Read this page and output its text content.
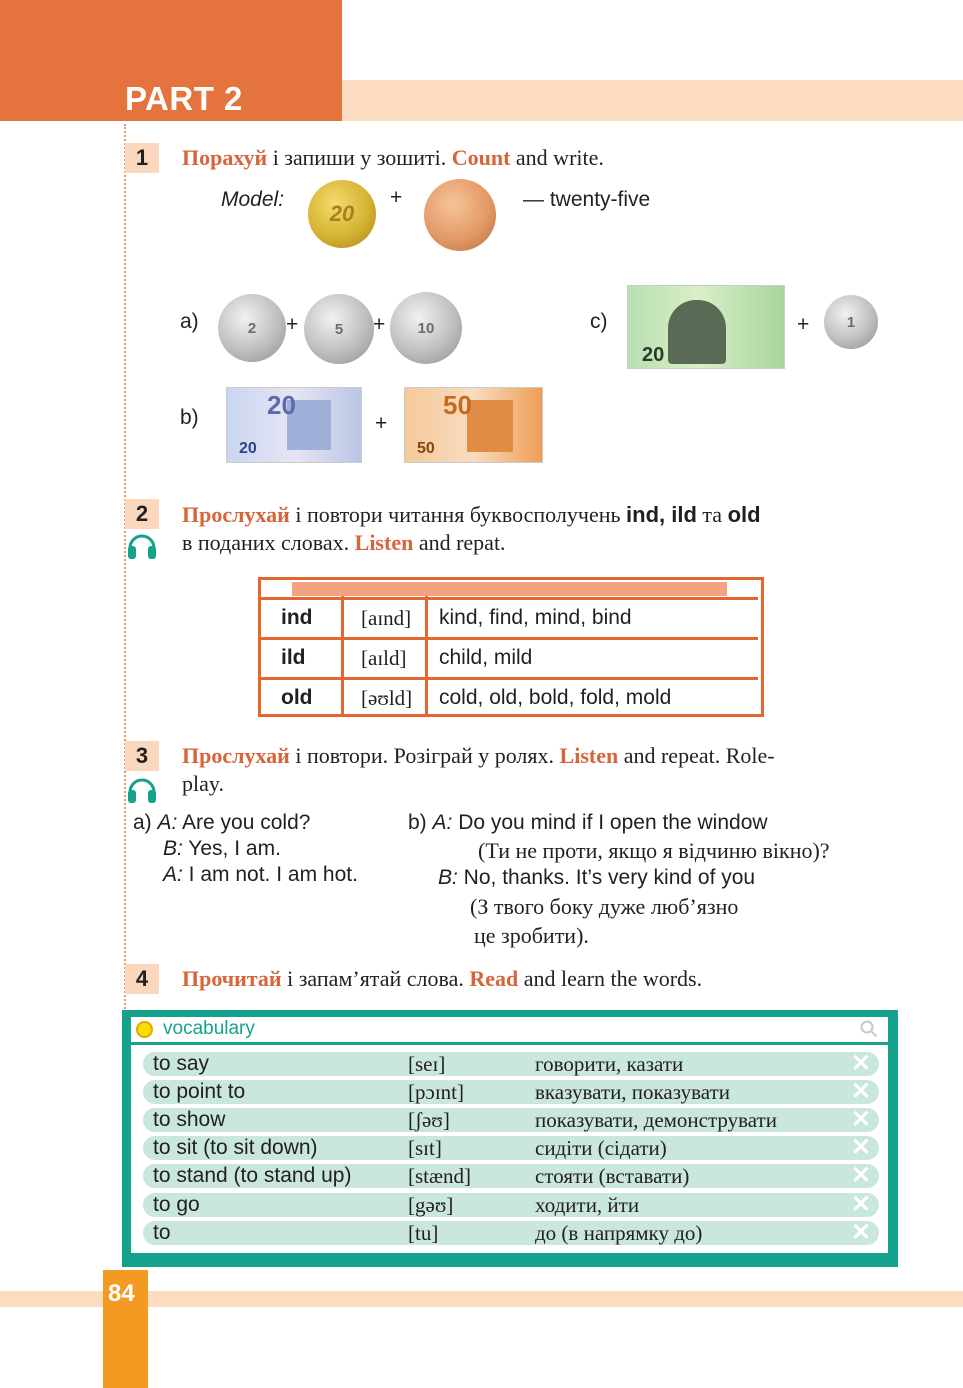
PART 2
1	Порахуй і запиши у зошиті. Count and write.
Model:
20
+	— twenty-five
a)	2	+	5	+	10	c)
20
+	1
b)	20
20
+
50
50
2	Прослухай і повтори читання буквосполучень ind, ild та old
в поданих словах. Listen and repat.
ind [aɪnd] kind, find, mind, bind
ild	[aɪld] child, mild
old [əʊld] cold, old, bold, fold, mold
3	Прослухай і повтори. Розіграй у ролях. Listen and repeat. Role-
play.
a) A: Are you cold?
B: Yes, I am.
A: I am not. I am hot.
b) A: Do you mind if I open the window
(Ти не проти, якщо я відчиню вікно)?
B: No, thanks. It’s very kind of you
(З твого боку дуже люб’язно
це зробити).
4	Прочитай і запам’ятай слова. Read and learn the words.
vocabulary
to say	[seɪ]	говорити, казати	✕
to point to	[pɔɪnt]	вказувати, показувати	✕
to show	[ʃəʊ]	показувати, демонструвати	✕
to sit (to sit down)	[sɪt]	сидіти (сідати)	✕
to stand (to stand up)	[stænd]	стояти (вставати)	✕
to go	[gəʊ]	ходити, йти	✕
to	[tu]	до (в напрямку до)	✕
84
